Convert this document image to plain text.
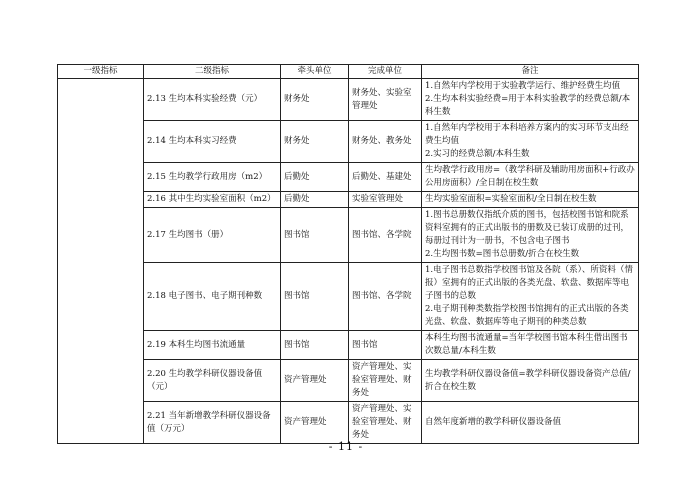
一级指标	二级指标	牵头单位	完成单位	备注
	2.13 生均本科实验经费（元）	财务处	财务处、实验室管理处	1.自然年内学校用于实验教学运行、维护经费生均值
2.生均本科实验经费=用于本科实验教学的经费总额/本科生数

	2.14 生均本科实习经费	财务处	财务处、教务处	1.自然年内学校用于本科培养方案内的实习环节支出经费生均值
2.实习的经费总额/本科生数

	2.15 生均教学行政用房（m2）	后勤处	后勤处、基建处	生均教学行政用房=（教学科研及辅助用房面积+行政办公用房面积）/全日制在校生数

	2.16 其中生均实验室面积（m2）	后勤处	实验室管理处	生均实验室面积=实验室面积/全日制在校生数

	2.17 生均图书（册）	图书馆	图书馆、各学院	1.图书总册数仅指纸介质的图书，包括校图书馆和院系资料室拥有的正式出版书的册数及已装订成册的过刊，每册过刊计为一册书，不包含电子图书
2.生均图书数=图书总册数/折合在校生数

	2.18 电子图书、电子期刊种数	图书馆	图书馆、各学院	1.电子图书总数指学校图书馆及各院（系）、所资料（情报）室拥有的正式出版的各类光盘、软盘、数据库等电子图书的总数
2.电子期刊种类数指学校图书馆拥有的正式出版的各类光盘、软盘、数据库等电子期刊的种类总数

	2.19 本科生均图书流通量	图书馆	图书馆	本科生均图书流通量=当年学校图书馆本科生借出图书次数总量/本科生数

	2.20 生均教学科研仪器设备值（元）	资产管理处	资产管理处、实验室管理处、财务处	生均教学科研仪器设备值=教学科研仪器设备资产总值/折合在校生数

	2.21 当年新增教学科研仪器设备值（万元）	资产管理处	资产管理处、实验室管理处、财务处	自然年度新增的教学科研仪器设备值
- 11 -
